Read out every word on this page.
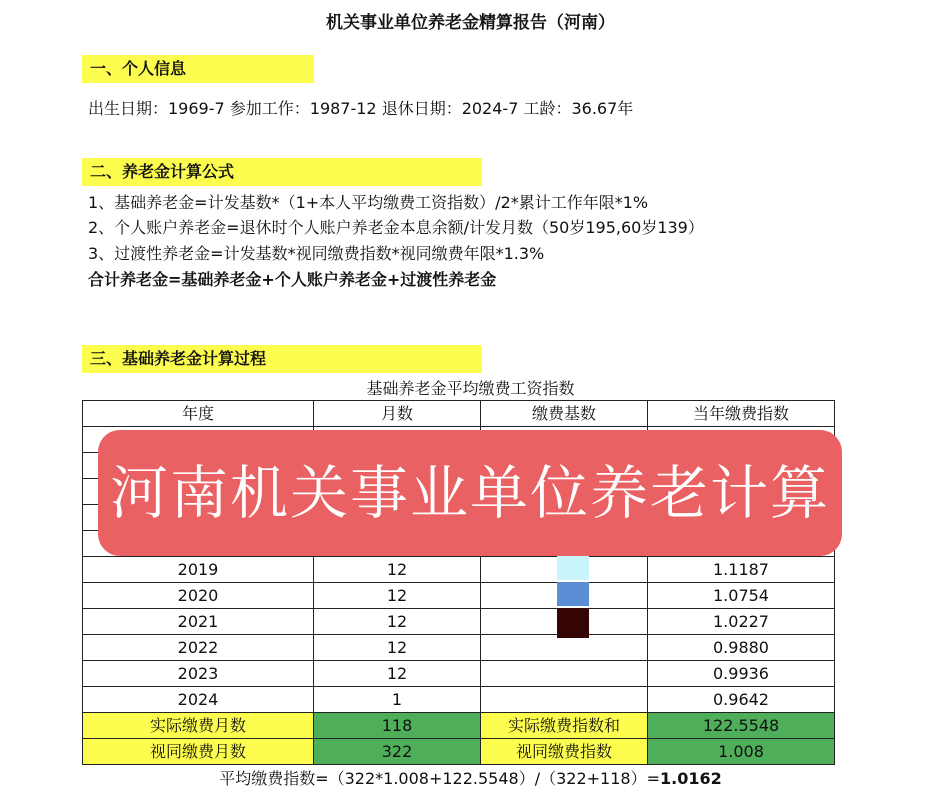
机关事业单位养老金精算报告（河南）
一、个人信息
出生日期：1969-7 参加工作：1987-12 退休日期：2024-7 工龄：36.67年
二、养老金计算公式
1、基础养老金=计发基数*（1+本人平均缴费工资指数）/2*累计工作年限*1%
2、个人账户养老金=退休时个人账户养老金本息余额/计发月数（50岁195,60岁139）
3、过渡性养老金=计发基数*视同缴费指数*视同缴费年限*1.3%
合计养老金=基础养老金+个人账户养老金+过渡性养老金
三、基础养老金计算过程
基础养老金平均缴费工资指数
年度	月数	缴费基数	当年缴费指数

2019	12		1.1187
2020	12		1.0754
2021	12		1.0227
2022	12		0.9880
2023	12		0.9936
2024	1		0.9642
实际缴费月数	118	实际缴费指数和	122.5548
视同缴费月数	322	视同缴费指数	1.008
平均缴费指数=（322*1.008+122.5548）/（322+118）=1.0162
河南机关事业单位养老计算
